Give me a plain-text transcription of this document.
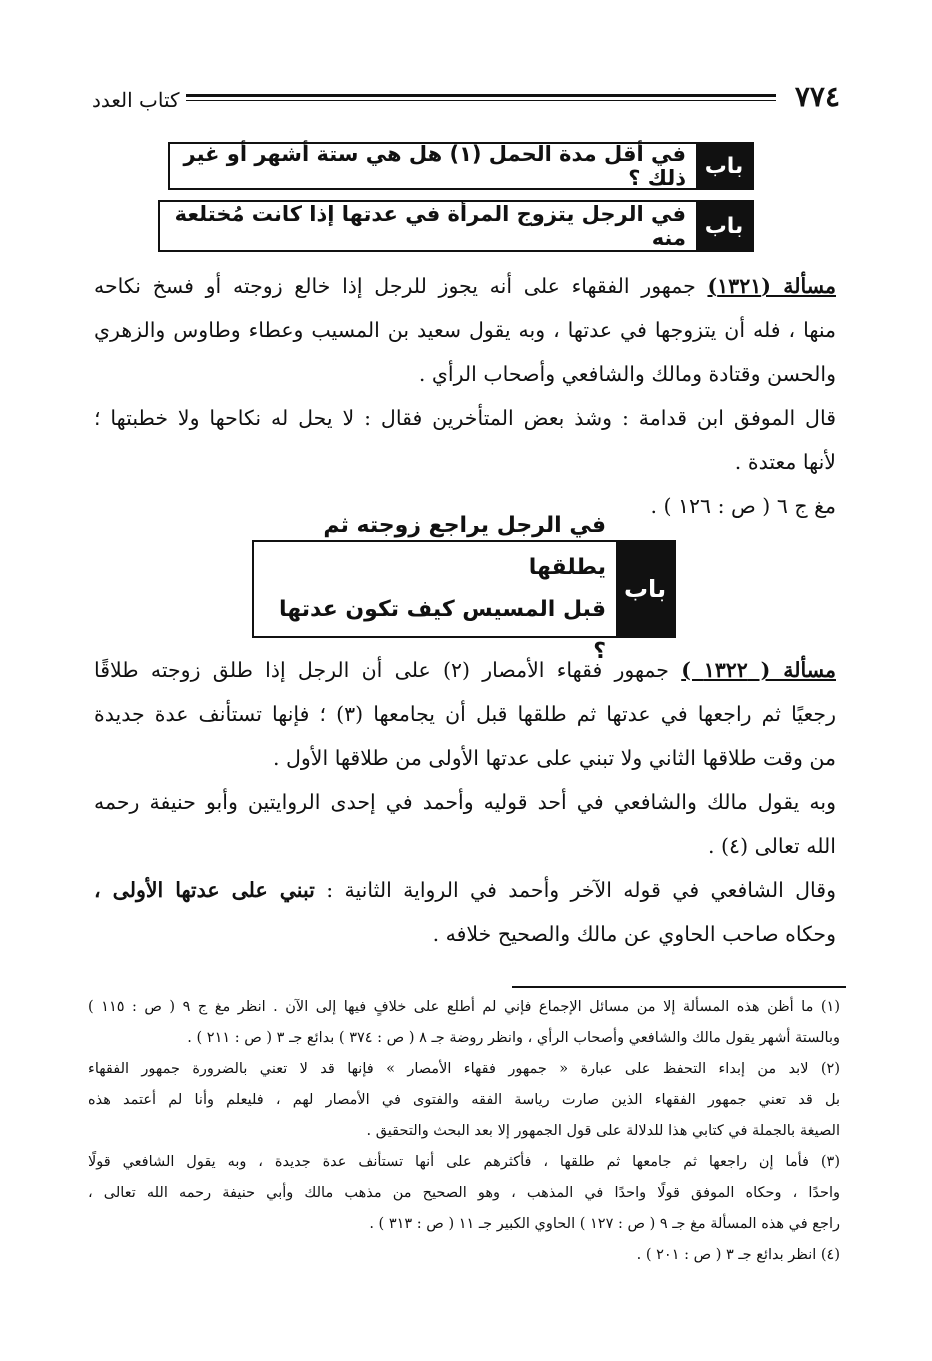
٧٧٤
كتاب العدد
باب
في أقل مدة الحمل (١) هل هي ستة أشهر أو غير ذلك ؟
باب
في الرجل يتزوج المرأة في عدتها إذا كانت مُختلعة منه
مسألة (١٣٢١) جمهور الفقهاء على أنه يجوز للرجل إذا خالع زوجته أو فسخ نكاحه
منها ، فله أن يتزوجها في عدتها ، وبه يقول سعيد بن المسيب وعطاء وطاوس والزهري
والحسن وقتادة ومالك والشافعي وأصحاب الرأي .
قال الموفق ابن قدامة : وشذ بعض المتأخرين فقال : لا يحل له نكاحها ولا خطبتها ؛
لأنها معتدة .
مغ ج ٦ ( ص : ١٢٦ ) .
باب
في الرجل يراجع زوجته ثم يطلقها
قبل المسيس كيف تكون عدتها ؟
مسألة ( ١٣٢٢ ) جمهور فقهاء الأمصار (٢) على أن الرجل إذا طلق زوجته طلاقًا
رجعيًا ثم راجعها في عدتها ثم طلقها قبل أن يجامعها (٣) ؛ فإنها تستأنف عدة جديدة
من وقت طلاقها الثاني ولا تبني على عدتها الأولى من طلاقها الأول .
وبه يقول مالك والشافعي في أحد قوليه وأحمد في إحدى الروايتين وأبو حنيفة رحمه
الله تعالى (٤) .
وقال الشافعي في قوله الآخر وأحمد في الرواية الثانية : تبني على عدتها الأولى ،
وحكاه صاحب الحاوي عن مالك والصحيح خلافه .
(١) ما أظن هذه المسألة إلا من مسائل الإجماع فإني لم أطلع على خلافٍ فيها إلى الآن . انظر مغ ج ٩ ( ص : ١١٥ )
وبالستة أشهر يقول مالك والشافعي وأصحاب الرأي ، وانظر روضة جـ ٨ ( ص : ٣٧٤ ) بدائع جـ ٣ ( ص : ٢١١ ) .
(٢) لابد من إبداء التحفظ على عبارة « جمهور فقهاء الأمصار » فإنها قد لا تعني بالضرورة جمهور الفقهاء
بل قد تعني جمهور الفقهاء الذين صارت رياسة الفقه والفتوى في الأمصار لهم ، فليعلم وأنا لم أعتمد هذه
الصيغة بالجملة في كتابي هذا للدلالة على قول الجمهور إلا بعد البحث والتحقيق .
(٣) فأما إن راجعها ثم جامعها ثم طلقها ، فأكثرهم على أنها تستأنف عدة جديدة ، وبه يقول الشافعي قولًا
واحدًا ، وحكاه الموفق قولًا واحدًا في المذهب ، وهو الصحيح من مذهب مالك وأبي حنيفة رحمه الله تعالى ،
راجع في هذه المسألة مغ جـ ٩ ( ص : ١٢٧ ) الحاوي الكبير جـ ١١ ( ص : ٣١٣ ) .
(٤) انظر بدائع جـ ٣ ( ص : ٢٠١ ) .
